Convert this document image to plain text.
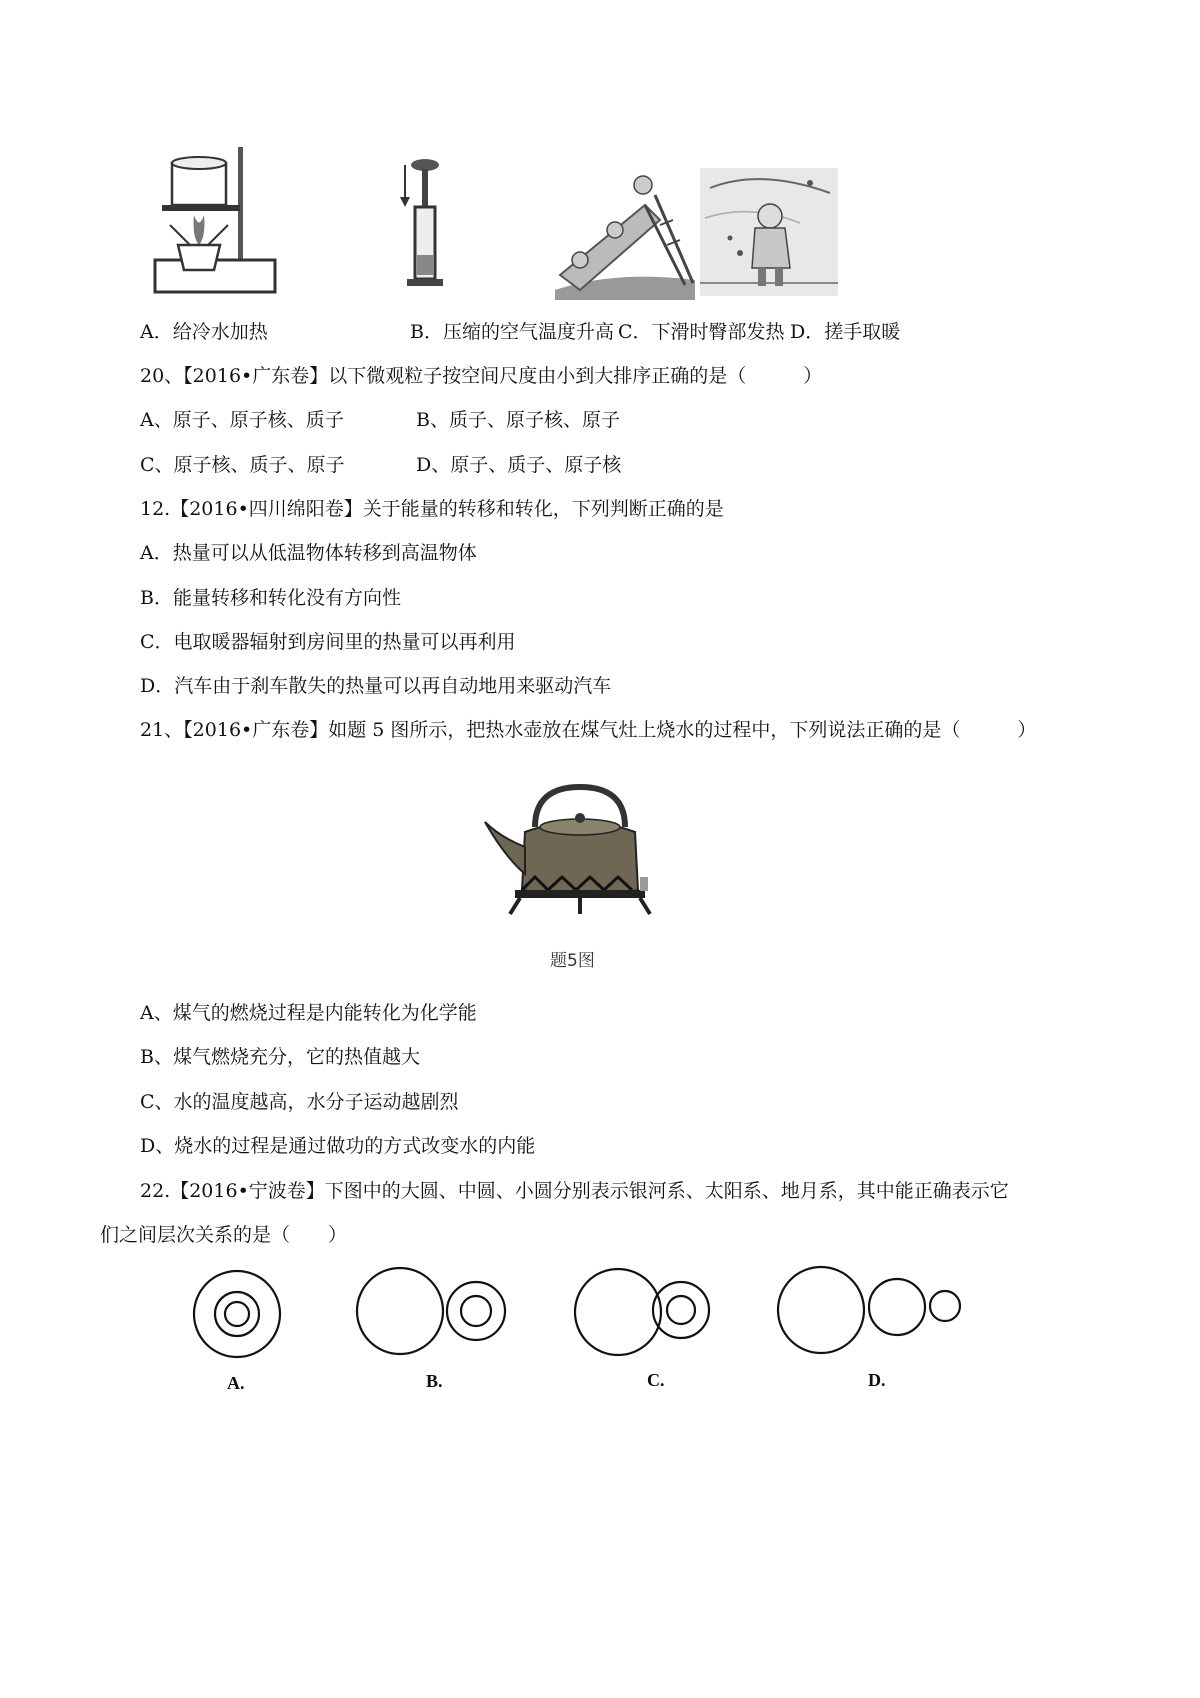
A．给冷水加热	B．压缩的空气温度升高 C．下滑时臀部发热 D．搓手取暖
20、【2016•广东卷】以下微观粒子按空间尺度由小到大排序正确的是（　　　）
A、原子、原子核、质子	B、质子、原子核、原子
C、原子核、质子、原子	D、原子、质子、原子核
12.【2016•四川绵阳卷】关于能量的转移和转化，下列判断正确的是
A．热量可以从低温物体转移到高温物体
B．能量转移和转化没有方向性
C．电取暖器辐射到房间里的热量可以再利用
D．汽车由于刹车散失的热量可以再自动地用来驱动汽车
21、【2016•广东卷】如题 5 图所示，把热水壶放在煤气灶上烧水的过程中，下列说法正确的是（　　　）
题5图
A、煤气的燃烧过程是内能转化为化学能
B、煤气燃烧充分，它的热值越大
C、水的温度越高，水分子运动越剧烈
D、烧水的过程是通过做功的方式改变水的内能
22.【2016•宁波卷】下图中的大圆、中圆、小圆分别表示银河系、太阳系、地月系，其中能正确表示它
们之间层次关系的是（　　）
A.	B.	C.	D.
